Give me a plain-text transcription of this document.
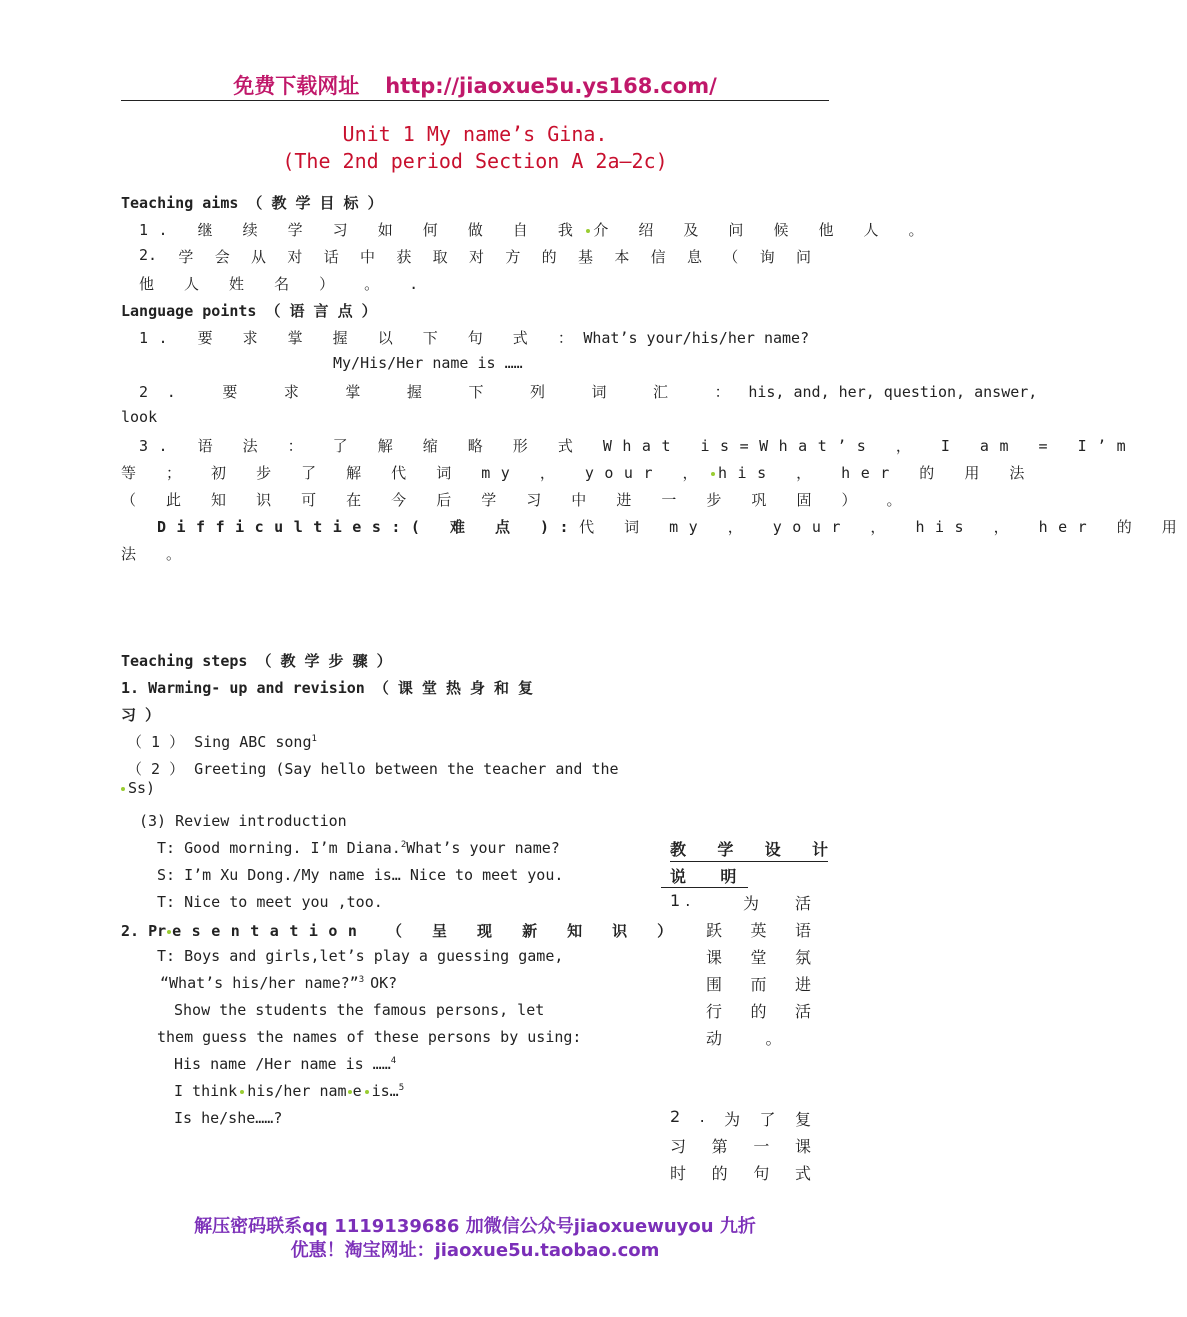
免费下载网址 http://jiaoxue5u.ys168.com/
Unit 1 My name’s Gina.
(The 2nd period Section A 2a—2c)
Teaching aims （ 教 学 目 标 ）
1. 继 续 学 习 如 何 做 自 我 介 绍 及 问 候 他 人 。
2. 学 会 从 对 话 中 获 取 对 方 的 基 本 信 息 （ 询 问
他 人 姓 名 ） 。 .
Language points （ 语 言 点 ）
1. 要 求 掌 握 以 下 句 式 ：What’s your/his/her name?
My/His/Her name is ……
2. 要 求 掌 握 下 列 词 汇 ：his, and, her, question, answer,
look
3. 语 法 ： 了 解 缩 略 形 式 What is=What’s ， I am = I’m
等 ； 初 步 了 解 代 词 my ， your ， his ， her 的 用 法
（ 此 知 识 可 在 今 后 学 习 中 进 一 步 巩 固 ） 。
Difficulties:( 难 点 ):代 词 my ， your ， his ， her 的 用
法 。
Teaching steps （ 教 学 步 骤 ）
1. Warming- up and revision （ 课 堂 热 身 和 复
习 ）
（ 1 ） Sing ABC song$^1$
（ 2 ） Greeting (Say hello between the teacher and the
Ss)
(3) Review introduction
T: Good morning. I’m Diana.$^2$What’s your name?
S: I’m Xu Dong./My name is… Nice to meet you.
T: Nice to meet you ,too.
2. Pr esentation （ 呈 现 新 知 识 ）
T: Boys and girls,let’s play a guessing game,
“What’s his/her name?”$^3$ OK?
Show the students the famous persons, let
them guess the names of these persons by using:
His name /Her name is ……$^4$
I think his/her nam e is…$^5$
Is he/she……?
教 学 设 计
说 明
1 .	为 活
跃 英 语
课 堂 氛
围 而 进
行 的 活
动 。
2 . 为 了 复
习 第 一 课
时 的 句 式
解压密码联系qq 1119139686 加微信公众号jiaoxuewuyou 九折
优惠！淘宝网址：jiaoxue5u.taobao.com
